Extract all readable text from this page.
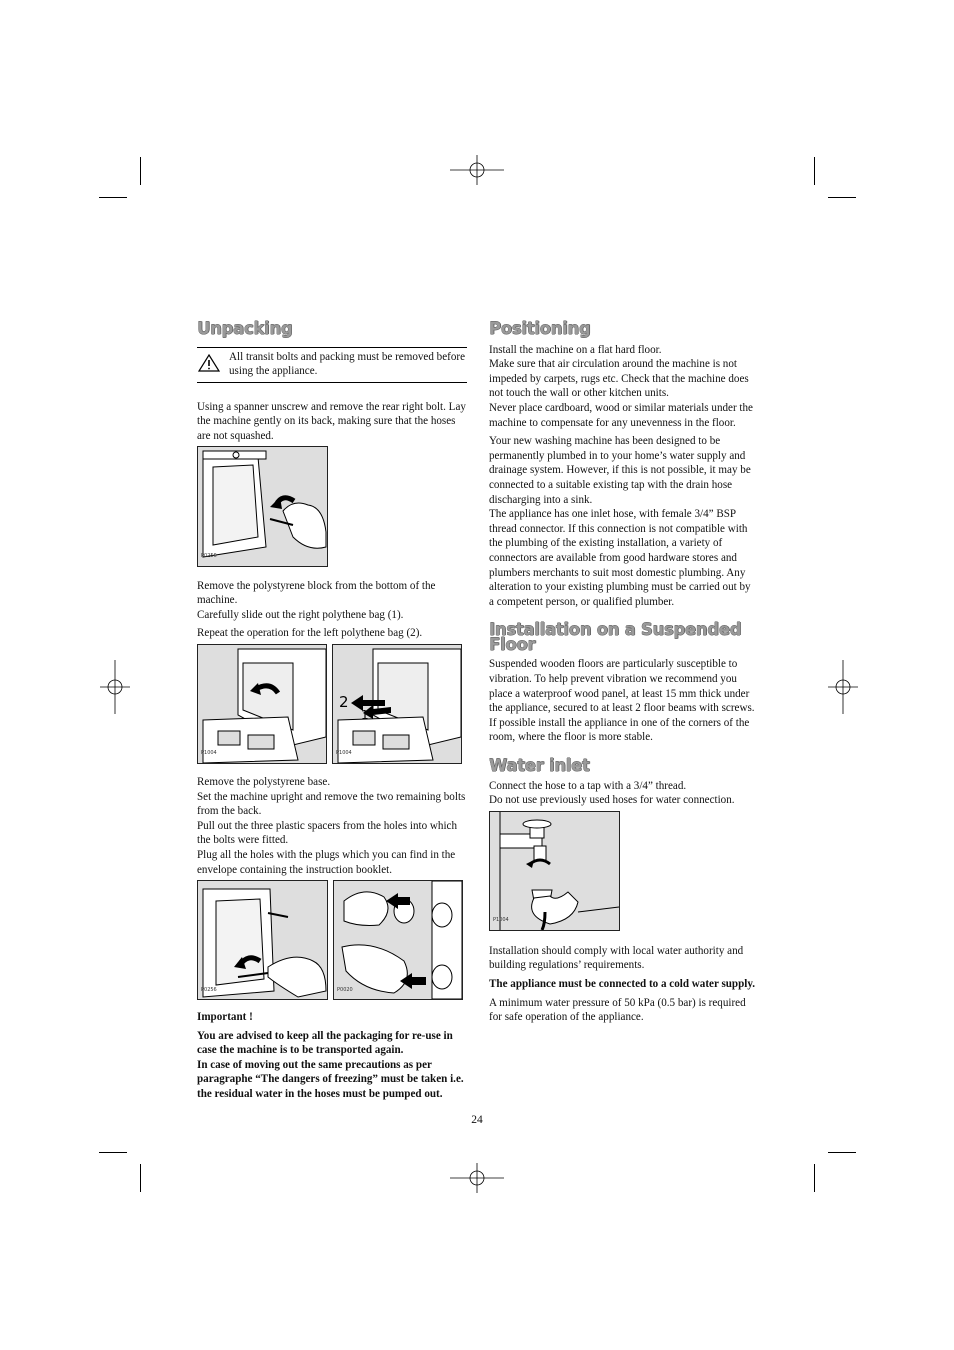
Unpacking

All transit bolts and packing must be removed before using the appliance.

Using a spanner unscrew and remove the rear right bolt. Lay the machine gently on its back, making sure that the hoses are not squashed.

P0256

Remove the polystyrene block from the bottom of the machine.

Carefully slide out the right polythene bag (1).

Repeat the operation for the left polythene bag (2).

P1004
2
1
P1004

Remove the polystyrene base.

Set the machine upright and remove the two remaining bolts from the back.

Pull out the three plastic spacers from the holes into which the bolts were fitted.

Plug all the holes with the plugs which you can find in the envelope containing the instruction booklet.

P0256	P0020

Important !

You are advised to keep all the packaging for re-use in case the machine is to be transported again.

In case of moving out the same precautions as per paragraphe “The dangers of freezing” must be taken i.e. the residual water in the hoses must be pumped out.

Positioning

Install the machine on a flat hard floor.

Make sure that air circulation around the machine is not impeded by carpets, rugs etc. Check that the machine does not touch the wall or other kitchen units.

Never place cardboard, wood or similar materials under the machine to compensate for any unevenness in the floor.

Your new washing machine has been designed to be permanently plumbed in to your home’s water supply and drainage system. However, if this is not possible, it may be connected to a suitable existing tap with the drain hose discharging into a sink.

The appliance has one inlet hose, with female 3/4” BSP thread connector. If this connection is not compatible with the plumbing of the existing installation, a variety of connectors are available from good hardware stores and plumbers merchants to suit most domestic plumbing. Any alteration to your existing plumbing must be carried out by a competent person, or qualified plumber.

Installation on a Suspended Floor

Suspended wooden floors are particularly susceptible to vibration. To help prevent vibration we recommend you place a waterproof wood panel, at least 15 mm thick under the appliance, secured to at least 2 floor beams with screws. If possible install the appliance in one of the corners of the room, where the floor is more stable.

Water inlet

Connect the hose to a tap with a 3/4” thread.

Do not use previously used hoses for water connection.

P1004

Installation should comply with local water authority and building regulations’ requirements.

The appliance must be connected to a cold water supply.

A minimum water pressure of 50 kPa (0.5 bar) is required for safe operation of the appliance.

24
